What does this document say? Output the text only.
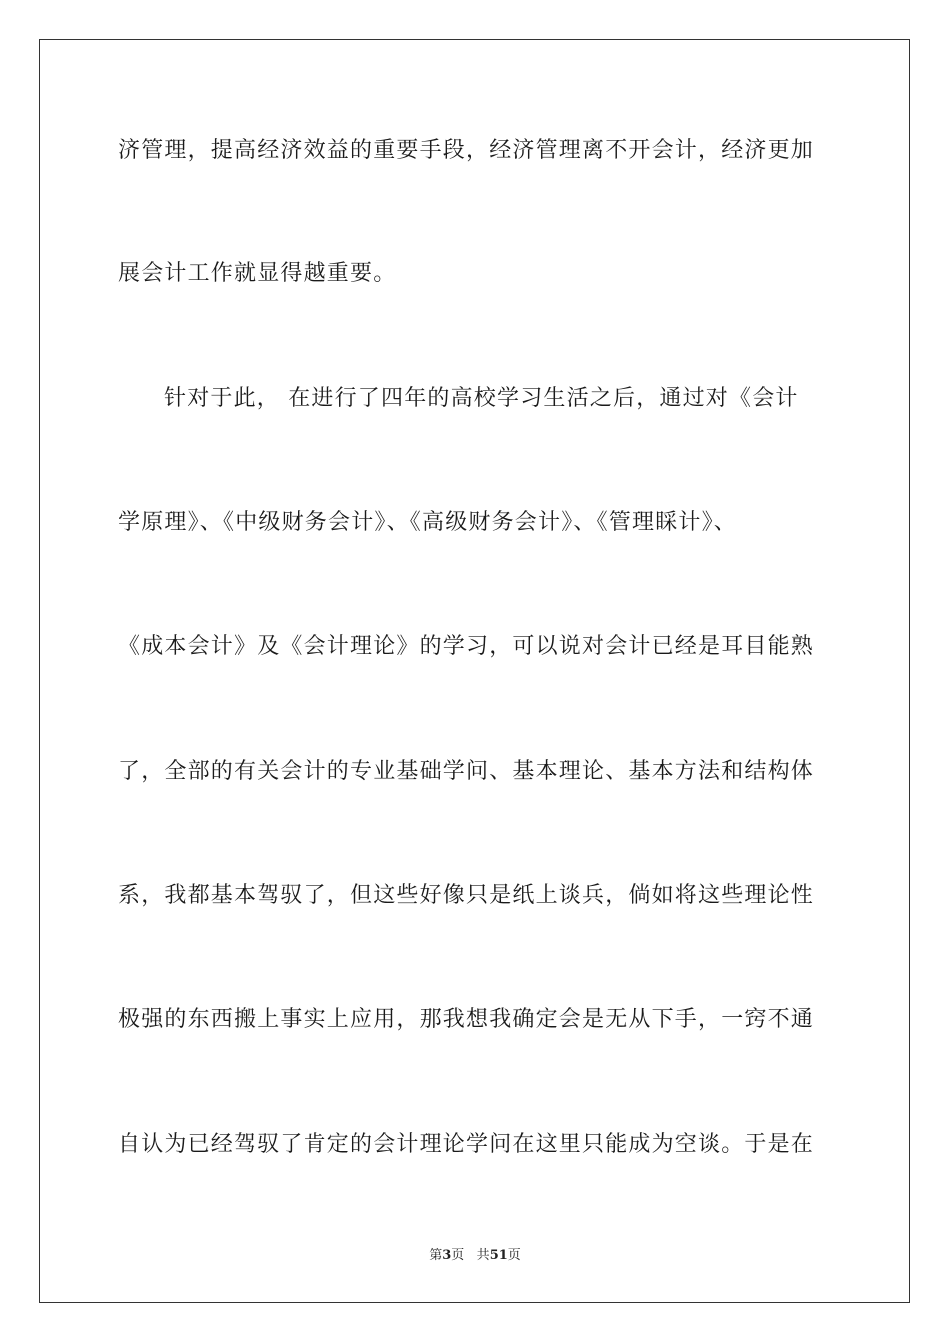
济管理，提高经济效益的重要手段，经济管理离不开会计，经济更加
展会计工作就显得越重要。
针对于此， 在进行了四年的高校学习生活之后，通过对《会计
学原理》、《中级财务会计》、《高级财务会计》、《管理睬计》、
《成本会计》及《会计理论》的学习，可以说对会计已经是耳目能熟
了，全部的有关会计的专业基础学问、基本理论、基本方法和结构体
系，我都基本驾驭了，但这些好像只是纸上谈兵，倘如将这些理论性
极强的东西搬上事实上应用，那我想我确定会是无从下手，一窍不通
自认为已经驾驭了肯定的会计理论学问在这里只能成为空谈。于是在
第3页 共51页
